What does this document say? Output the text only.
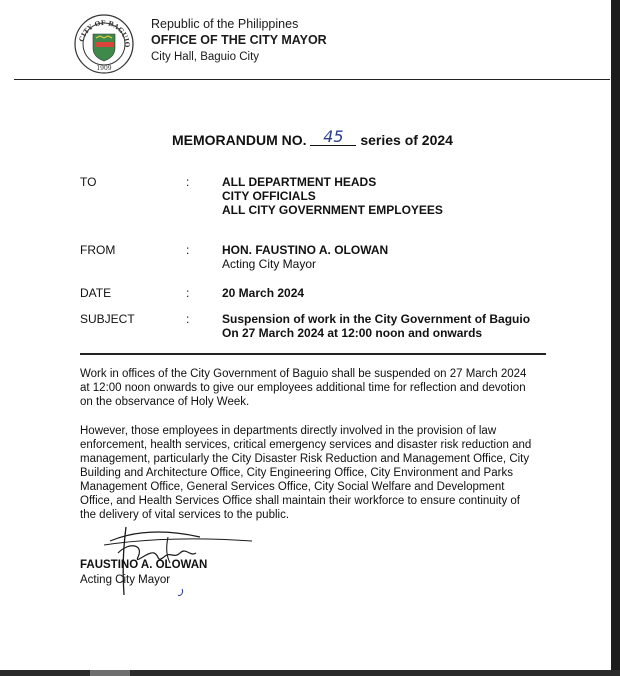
CITY OF BAGUIO
1909
Republic of the Philippines
OFFICE OF THE CITY MAYOR
City Hall, Baguio City
MEMORANDUM NO. 45 series of 2024
TO	:	ALL DEPARTMENT HEADS
CITY OFFICIALS
ALL CITY GOVERNMENT EMPLOYEES
FROM	:	HON. FAUSTINO A. OLOWAN
Acting City Mayor
DATE	:	20 March 2024
SUBJECT	:	Suspension of work in the City Government of Baguio
On 27 March 2024 at 12:00 noon and onwards
Work in offices of the City Government of Baguio shall be suspended on 27 March 2024
at 12:00 noon onwards to give our employees additional time for reflection and devotion
on the observance of Holy Week.
However, those employees in departments directly involved in the provision of law
enforcement, health services, critical emergency services and disaster risk reduction and
management, particularly the City Disaster Risk Reduction and Management Office, City
Building and Architecture Office, City Engineering Office, City Environment and Parks
Management Office, General Services Office, City Social Welfare and Development
Office, and Health Services Office shall maintain their workforce to ensure continuity of
the delivery of vital services to the public.
FAUSTINO A. OLOWAN
Acting City Mayor
